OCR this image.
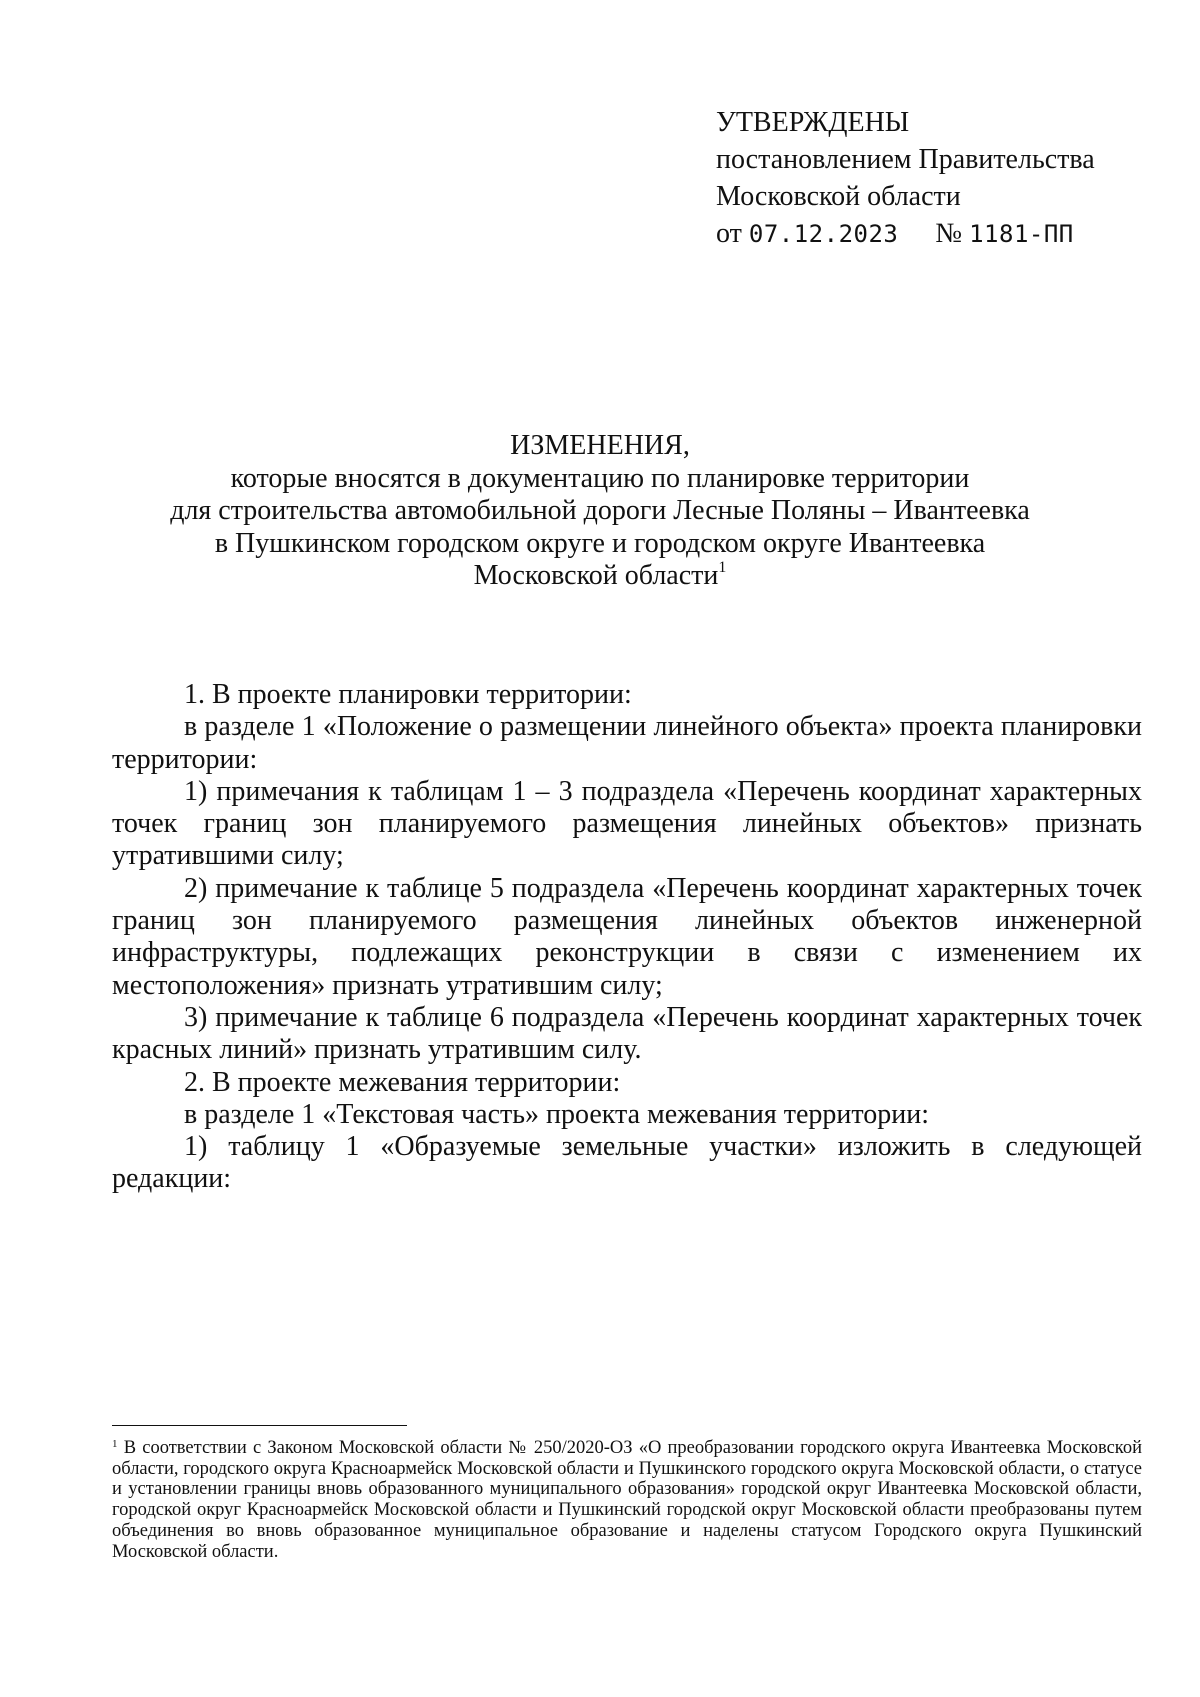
УТВЕРЖДЕНЫ
постановлением Правительства
Московской области
от 07.12.2023 № 1181-ПП
ИЗМЕНЕНИЯ,
которые вносятся в документацию по планировке территории
для строительства автомобильной дороги Лесные Поляны – Ивантеевка
в Пушкинском городском округе и городском округе Ивантеевка
Московской области$^1$
1. В проекте планировки территории:
в разделе 1 «Положение о размещении линейного объекта» проекта планировки территории:
1) примечания к таблицам 1 – 3 подраздела «Перечень координат характерных точек границ зон планируемого размещения линейных объектов» признать утратившими силу;
2) примечание к таблице 5 подраздела «Перечень координат характерных точек границ зон планируемого размещения линейных объектов инженерной инфраструктуры, подлежащих реконструкции в связи с изменением их местоположения» признать утратившим силу;
3) примечание к таблице 6 подраздела «Перечень координат характерных точек красных линий» признать утратившим силу.
2. В проекте межевания территории:
в разделе 1 «Текстовая часть» проекта межевания территории:
1) таблицу 1 «Образуемые земельные участки» изложить в следующей редакции:
$^1$ В соответствии с Законом Московской области № 250/2020-ОЗ «О преобразовании городского округа Ивантеевка Московской области, городского округа Красноармейск Московской области и Пушкинского городского округа Московской области, о статусе и установлении границы вновь образованного муниципального образования» городской округ Ивантеевка Московской области, городской округ Красноармейск Московской области и Пушкинский городской округ Московской области преобразованы путем объединения во вновь образованное муниципальное образование и наделены статусом Городского округа Пушкинский Московской области.
